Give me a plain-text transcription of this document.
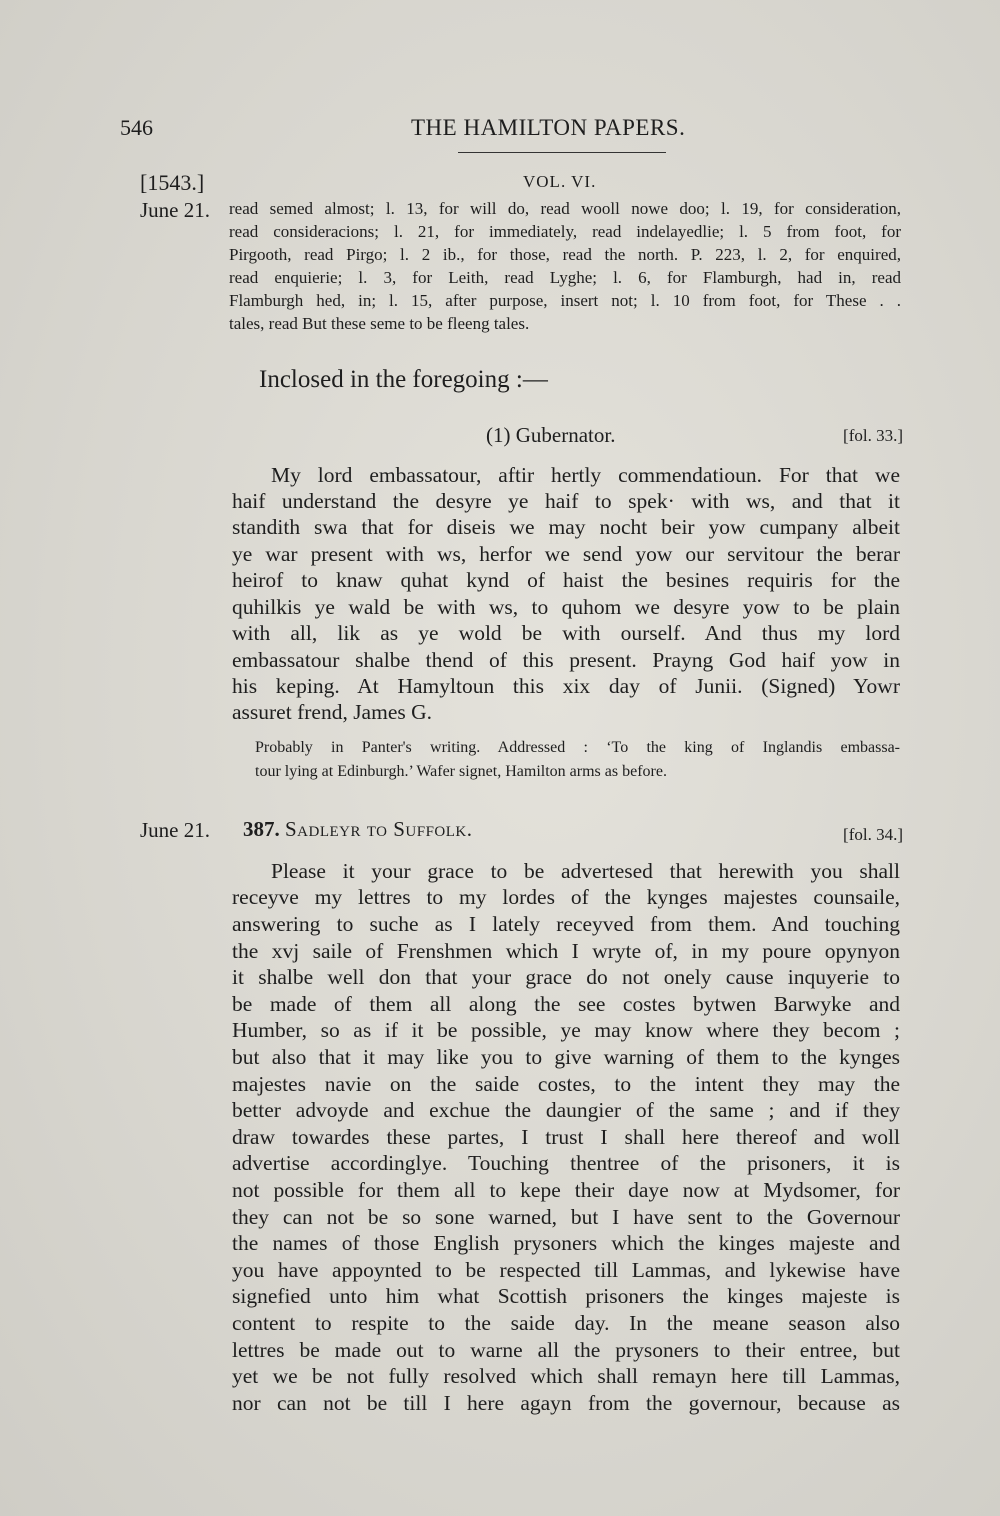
546	THE HAMILTON PAPERS.
[1543.]	VOL. VI.
June 21. read semed almost; l. 13, for will do, read wooll nowe doo; l. 19, for consideration,
read consideracions; l. 21, for immediately, read indelayedlie; l. 5 from foot, for
Pirgooth, read Pirgo; l. 2 ib., for those, read the north. P. 223, l. 2, for enquired,
read enquierie; l. 3, for Leith, read Lyghe; l. 6, for Flamburgh, had in, read
Flamburgh hed, in; l. 15, after purpose, insert not; l. 10 from foot, for These . .
tales, read But these seme to be fleeng tales.
Inclosed in the foregoing :—
(1) Gubernator.	[fol. 33.]
My lord embassatour, aftir hertly commendatioun. For that we
haif understand the desyre ye haif to spek· with ws, and that it
standith swa that for diseis we may nocht beir yow cumpany albeit
ye war present with ws, herfor we send yow our servitour the berar
heirof to knaw quhat kynd of haist the besines requiris for the
quhilkis ye wald be with ws, to quhom we desyre yow to be plain
with all, lik as ye wold be with ourself. And thus my lord
embassatour shalbe thend of this present. Prayng God haif yow in
his keping. At Hamyltoun this xix day of Junii. (Signed) Yowr
assuret frend, James G.
Probably in Panter's writing. Addressed : ‘To the king of Inglandis embassa-
tour lying at Edinburgh.’ Wafer signet, Hamilton arms as before.
June 21. 387. Sadleyr to Suffolk.	[fol. 34.]
Please it your grace to be advertesed that herewith you shall
receyve my lettres to my lordes of the kynges majestes counsaile,
answering to suche as I lately receyved from them. And touching
the xvj saile of Frenshmen which I wryte of, in my poure opynyon
it shalbe well don that your grace do not onely cause inquyerie to
be made of them all along the see costes bytwen Barwyke and
Humber, so as if it be possible, ye may know where they becom ;
but also that it may like you to give warning of them to the kynges
majestes navie on the saide costes, to the intent they may the
better advoyde and exchue the daungier of the same ; and if they
draw towardes these partes, I trust I shall here thereof and woll
advertise accordinglye. Touching thentree of the prisoners, it is
not possible for them all to kepe their daye now at Mydsomer, for
they can not be so sone warned, but I have sent to the Governour
the names of those English prysoners which the kinges majeste and
you have appoynted to be respected till Lammas, and lykewise have
signefied unto him what Scottish prisoners the kinges majeste is
content to respite to the saide day. In the meane season also
lettres be made out to warne all the prysoners to their entree, but
yet we be not fully resolved which shall remayn here till Lammas,
nor can not be till I here agayn from the governour, because as
